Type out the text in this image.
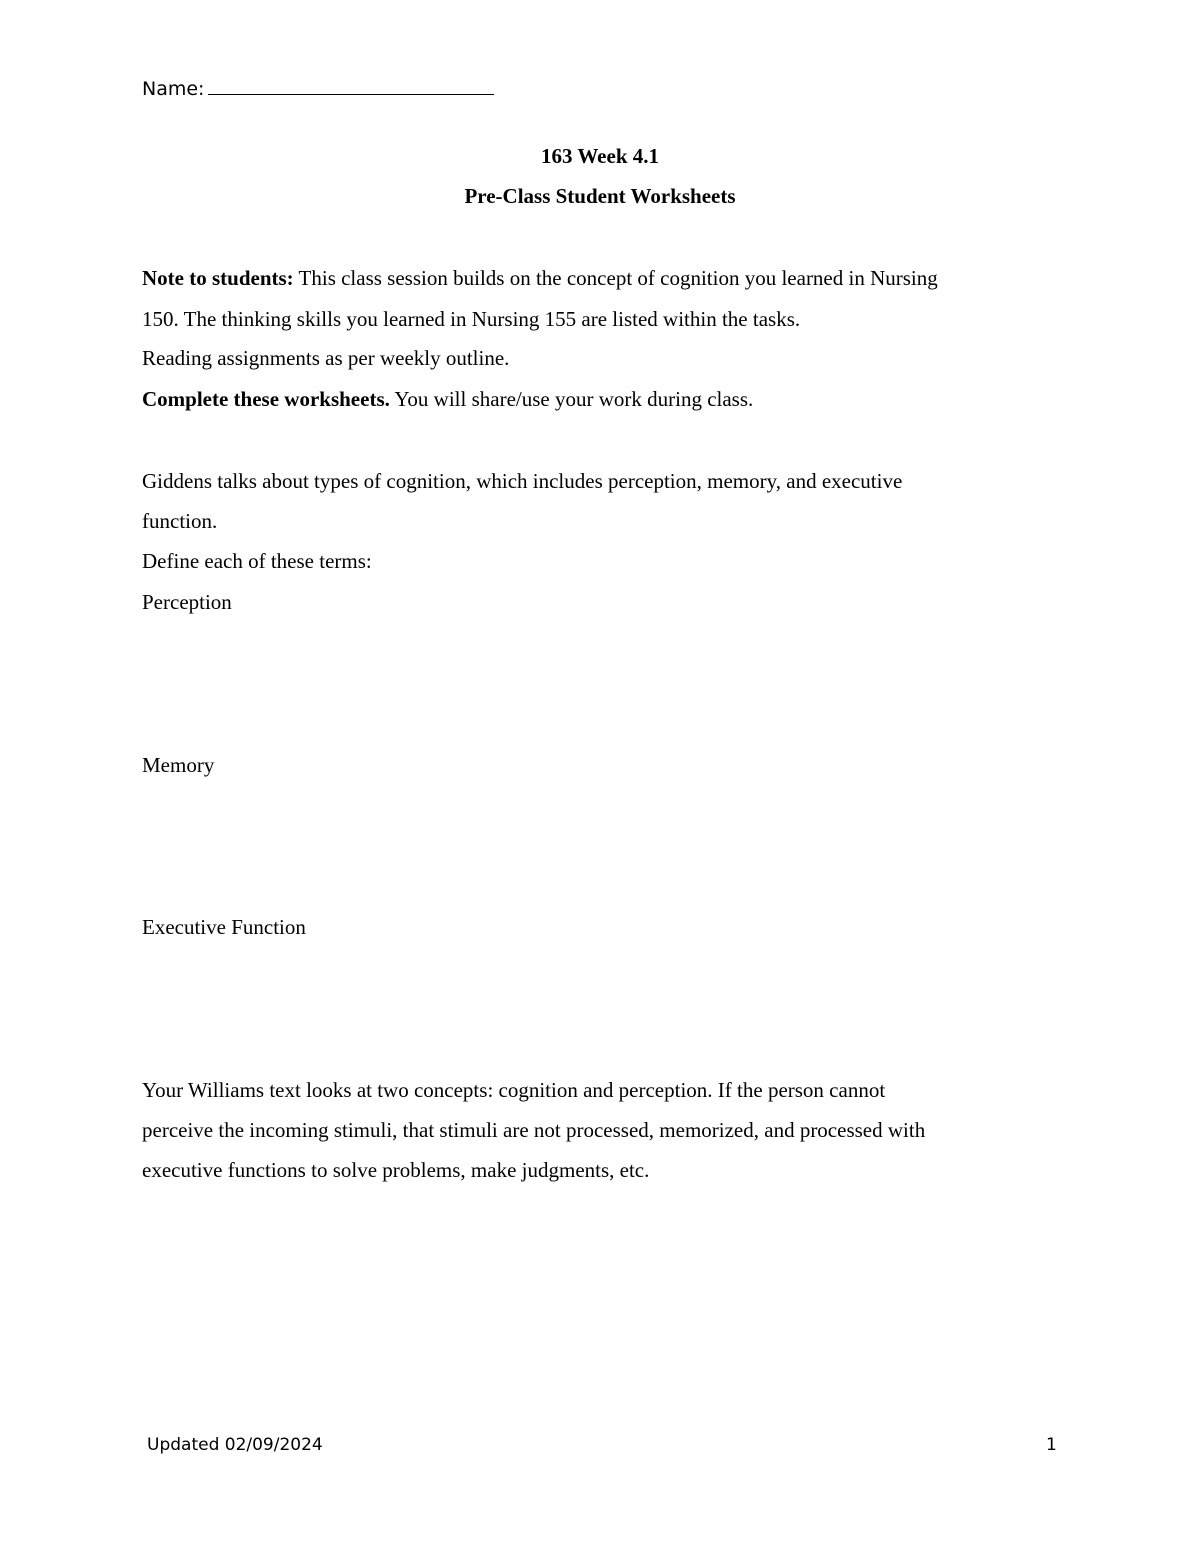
Name:
163 Week 4.1
Pre-Class Student Worksheets
Note to students: This class session builds on the concept of cognition you learned in Nursing
150. The thinking skills you learned in Nursing 155 are listed within the tasks.
Reading assignments as per weekly outline.
Complete these worksheets. You will share/use your work during class.
Giddens talks about types of cognition, which includes perception, memory, and executive
function.
Define each of these terms:
Perception
Memory
Executive Function
Your Williams text looks at two concepts: cognition and perception. If the person cannot
perceive the incoming stimuli, that stimuli are not processed, memorized, and processed with
executive functions to solve problems, make judgments, etc.
Updated 02/09/2024	1
